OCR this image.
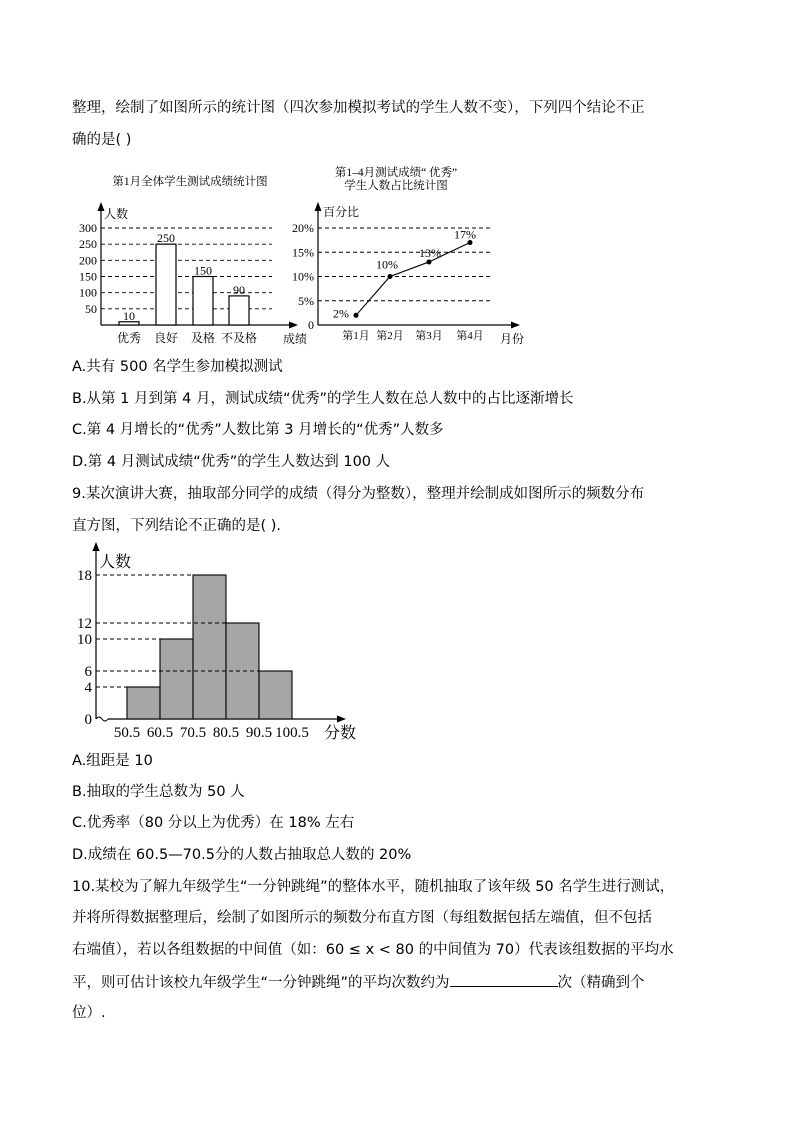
整理，绘制了如图所示的统计图（四次参加模拟考试的学生人数不变），下列四个结论不正
确的是( )
第1月全体学生测试成绩统计图
50
100
150
200
250
300
人数
成绩
10
优秀
250
良好
150
及格
90
不及格
第1–4月测试成绩“ 优秀”
学生人数占比统计图
0
5%
10%
15%
20%
百分比
月份
2%
第1月
10%
第2月
13%
第3月
17%
第4月
人数
分数
0
4
6
10
12
18
50.5 60.5 70.5 80.5 90.5 100.5
A.共有 500 名学生参加模拟测试
B.从第 1 月到第 4 月，测试成绩“优秀”的学生人数在总人数中的占比逐渐增长
C.第 4 月增长的“优秀”人数比第 3 月增长的“优秀”人数多
D.第 4 月测试成绩“优秀”的学生人数达到 100 人
9.某次演讲大赛，抽取部分同学的成绩（得分为整数），整理并绘制成如图所示的频数分布
直方图，下列结论不正确的是( ).
A.组距是 10
B.抽取的学生总数为 50 人
C.优秀率（80 分以上为优秀）在 18% 左右
D.成绩在 60.5—70.5分的人数占抽取总人数的 20%
10.某校为了解九年级学生“一分钟跳绳”的整体水平，随机抽取了该年级 50 名学生进行测试，
并将所得数据整理后，绘制了如图所示的频数分布直方图（每组数据包括左端值，但不包括
右端值），若以各组数据的中间值（如：60 ≤ x < 80 的中间值为 70）代表该组数据的平均水
平，则可估计该校九年级学生“一分钟跳绳”的平均次数约为	次（精确到个
位）.
